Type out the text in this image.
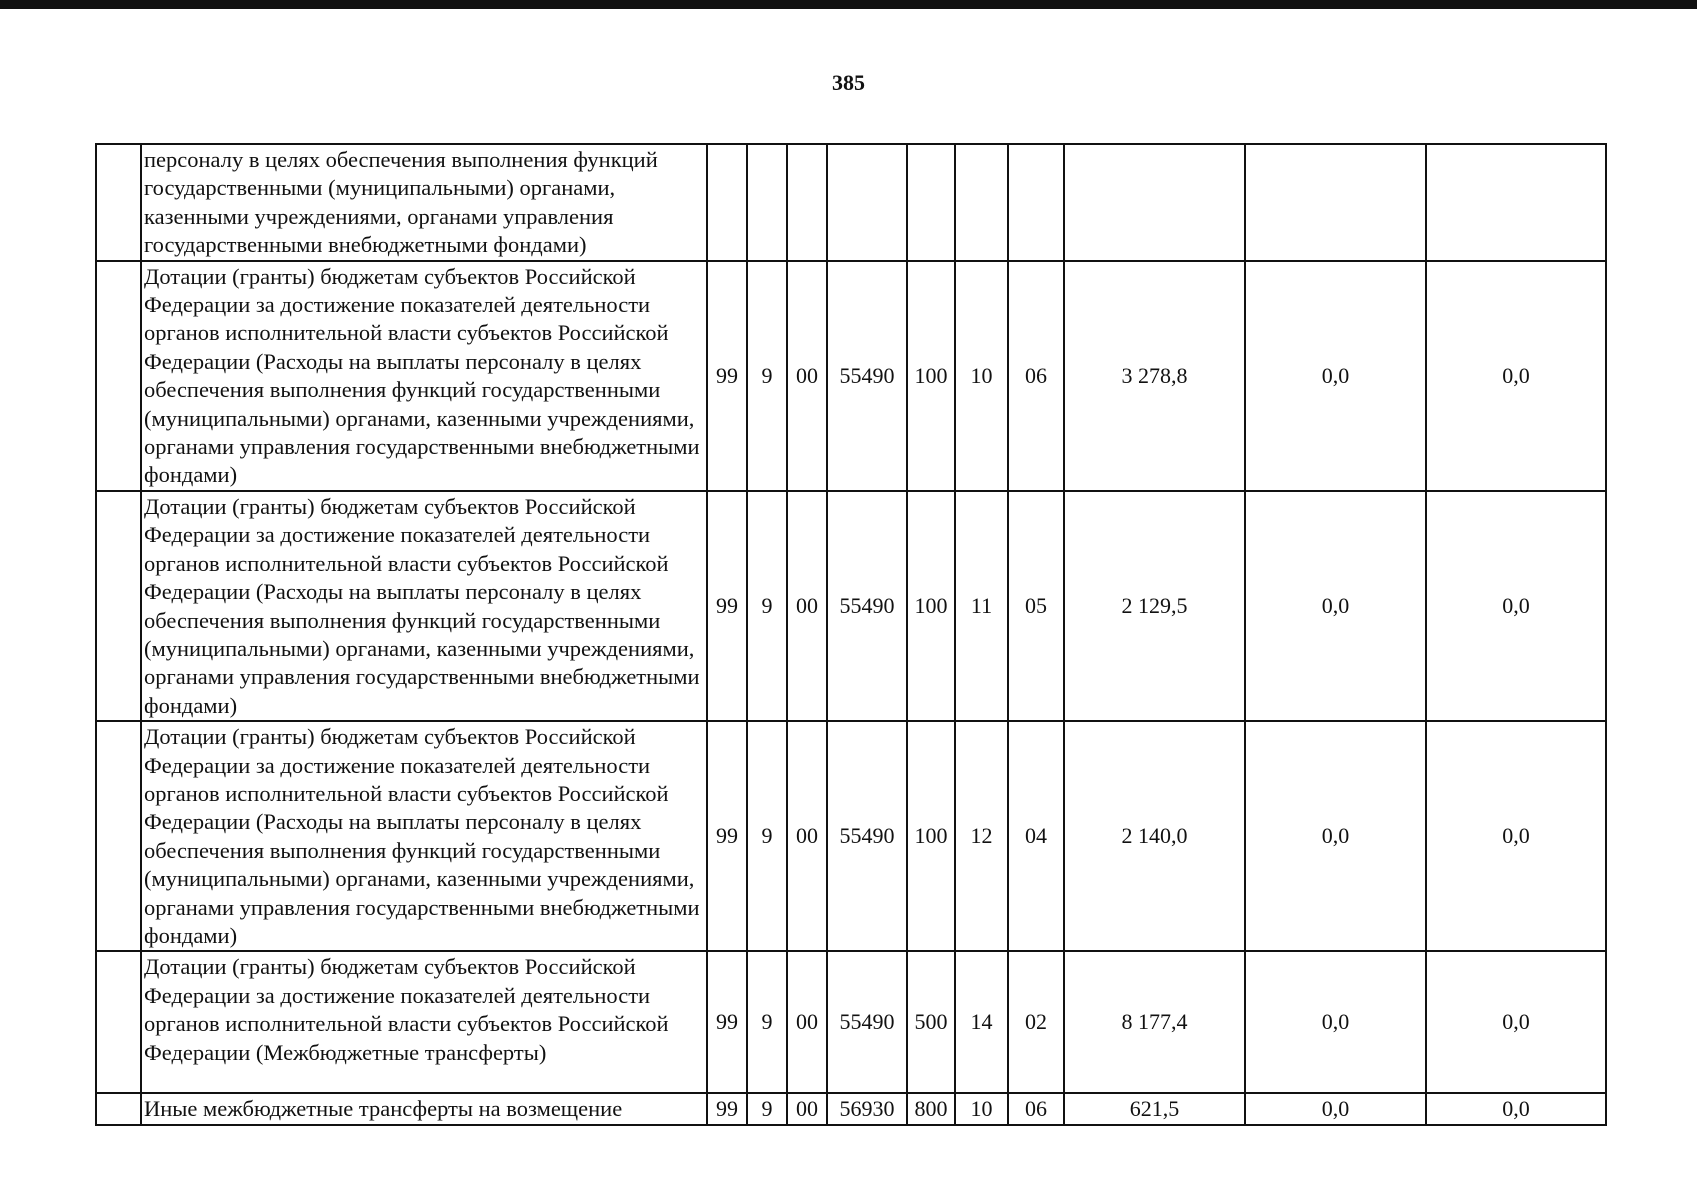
385
	персоналу в целях обеспечения выполнения функций государственными (муниципальными) органами, казенными учреждениями, органами управления государственными внебюджетными фондами)										
	Дотации (гранты) бюджетам субъектов Российской Федерации за достижение показателей деятельности органов исполнительной власти субъектов Российской Федерации (Расходы на выплаты персоналу в целях обеспечения выполнения функций государственными (муниципальными) органами, казенными учреждениями, органами управления государственными внебюджетными фондами)	99	9	00	55490	100	10	06	3 278,8	0,0	0,0
	Дотации (гранты) бюджетам субъектов Российской Федерации за достижение показателей деятельности органов исполнительной власти субъектов Российской Федерации (Расходы на выплаты персоналу в целях обеспечения выполнения функций государственными (муниципальными) органами, казенными учреждениями, органами управления государственными внебюджетными фондами)	99	9	00	55490	100	11	05	2 129,5	0,0	0,0
	Дотации (гранты) бюджетам субъектов Российской Федерации за достижение показателей деятельности органов исполнительной власти субъектов Российской Федерации (Расходы на выплаты персоналу в целях обеспечения выполнения функций государственными (муниципальными) органами, казенными учреждениями, органами управления государственными внебюджетными фондами)	99	9	00	55490	100	12	04	2 140,0	0,0	0,0
	Дотации (гранты) бюджетам субъектов Российской Федерации за достижение показателей деятельности органов исполнительной власти субъектов Российской Федерации (Межбюджетные трансферты)	99	9	00	55490	500	14	02	8 177,4	0,0	0,0
	Иные межбюджетные трансферты на возмещение	99	9	00	56930	800	10	06	621,5	0,0	0,0
